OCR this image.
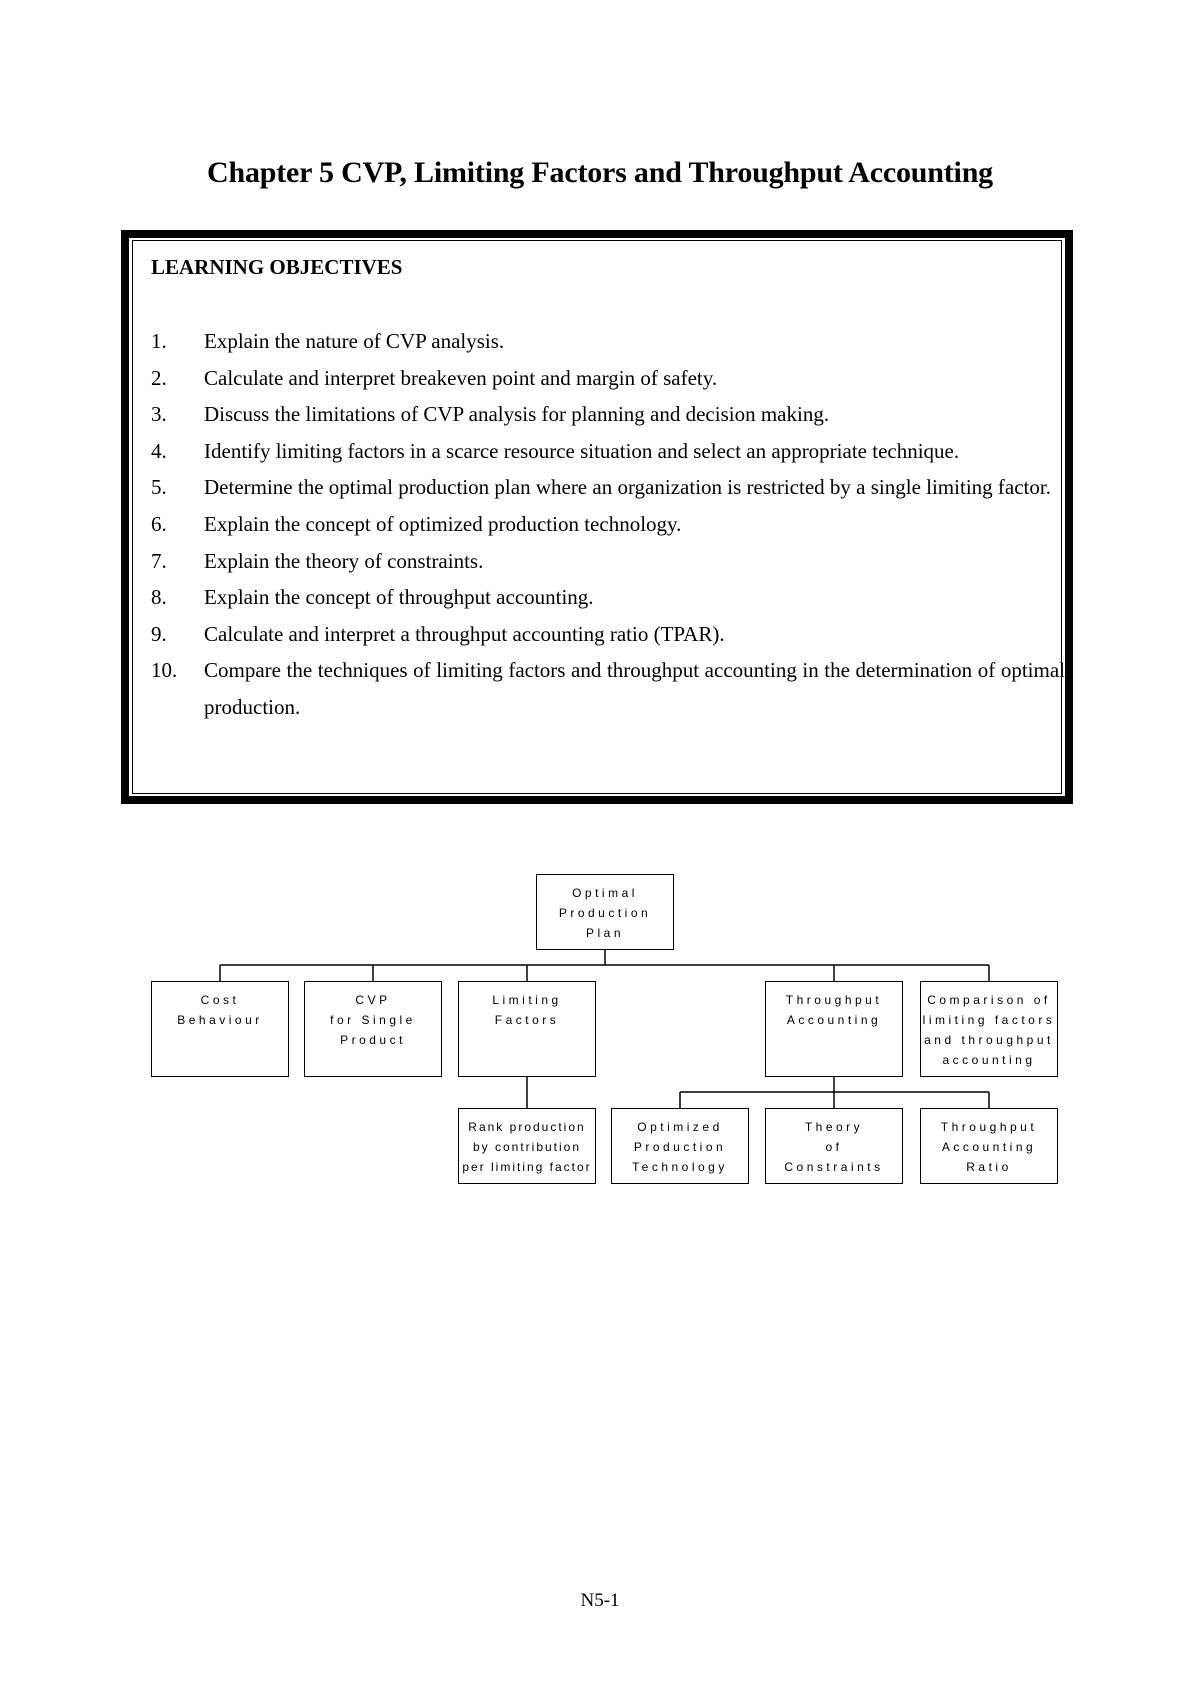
Chapter 5 CVP, Limiting Factors and Throughput Accounting
LEARNING OBJECTIVES
1.	Explain the nature of CVP analysis.
2.	Calculate and interpret breakeven point and margin of safety.
3.	Discuss the limitations of CVP analysis for planning and decision making.
4.	Identify limiting factors in a scarce resource situation and select an appropriate technique.
5.	Determine the optimal production plan where an organization is restricted by a single limiting factor.
6.	Explain the concept of optimized production technology.
7.	Explain the theory of constraints.
8.	Explain the concept of throughput accounting.
9.	Calculate and interpret a throughput accounting ratio (TPAR).
10.	Compare the techniques of limiting factors and throughput accounting in the determination of optimal production.
Optimal
Production
Plan
Cost
Behaviour
CVP
for Single
Product
Limiting
Factors
Throughput
Accounting
Comparison of
limiting factors
and throughput
accounting
Rank production
by contribution
per limiting factor
Optimized
Production
Technology
Theory
of
Constraints
Throughput
Accounting
Ratio
N5-1
